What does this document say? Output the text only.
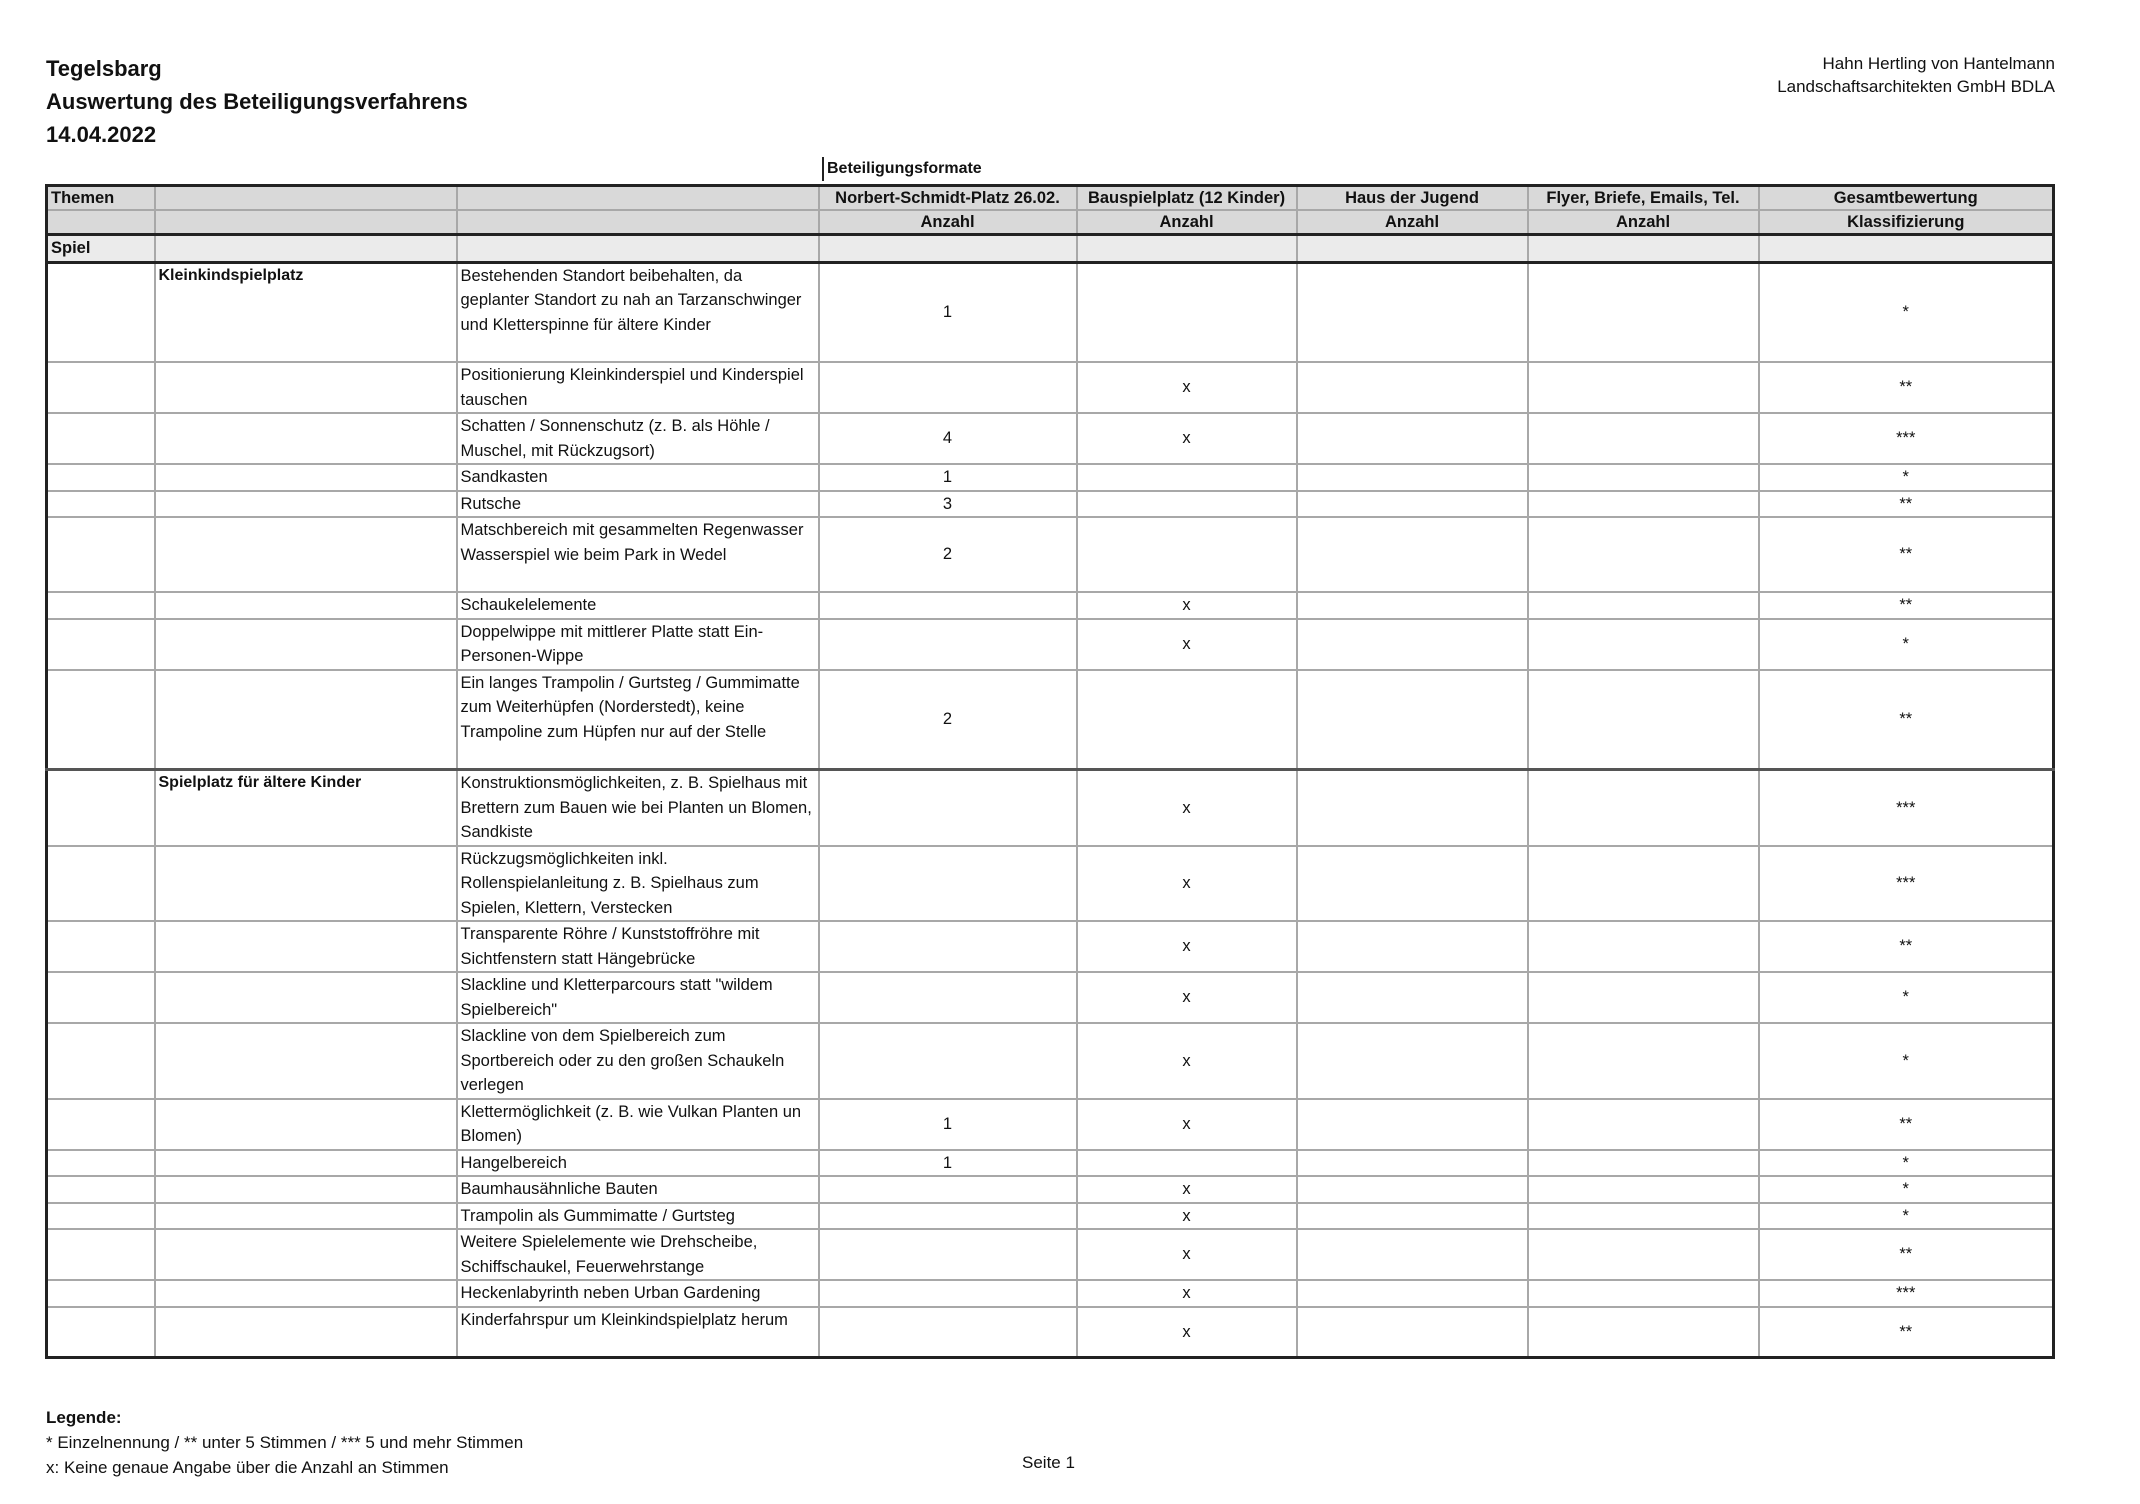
Tegelsbarg
Auswertung des Beteiligungsverfahrens
14.04.2022
Hahn Hertling von Hantelmann
Landschaftsarchitekten GmbH BDLA
Beteiligungsformate
Themen			Norbert-Schmidt-Platz 26.02.	Bauspielplatz (12 Kinder)	Haus der Jugend	Flyer, Briefe, Emails, Tel.	Gesamtbewertung
			Anzahl	Anzahl	Anzahl	Anzahl	Klassifizierung
Spiel							
	Kleinkindspielplatz	Bestehenden Standort beibehalten, da geplanter Standort zu nah an Tarzanschwinger und Kletterspinne für ältere Kinder	1				*
		Positionierung Kleinkinderspiel und Kinderspiel tauschen		x			**
		Schatten / Sonnenschutz (z. B. als Höhle / Muschel, mit Rückzugsort)	4	x			***
		Sandkasten	1				*
		Rutsche	3				**
		Matschbereich mit gesammelten Regenwasser
Wasserspiel wie beim Park in Wedel	2				**
		Schaukelelemente		x			**
		Doppelwippe mit mittlerer Platte statt Ein-Personen-Wippe		x			*
		Ein langes Trampolin / Gurtsteg / Gummimatte zum Weiterhüpfen (Norderstedt), keine Trampoline zum Hüpfen nur auf der Stelle	2				**
	Spielplatz für ältere Kinder	Konstruktionsmöglichkeiten, z. B. Spielhaus mit Brettern zum Bauen wie bei Planten un Blomen, Sandkiste		x			***
		Rückzugsmöglichkeiten inkl. Rollenspielanleitung z. B. Spielhaus zum Spielen, Klettern, Verstecken		x			***
		Transparente Röhre / Kunststoffröhre mit Sichtfenstern statt Hängebrücke		x			**
		Slackline und Kletterparcours statt "wildem Spielbereich"		x			*
		Slackline von dem Spielbereich zum Sportbereich oder zu den großen Schaukeln verlegen		x			*
		Klettermöglichkeit (z. B. wie Vulkan Planten un Blomen)	1	x			**
		Hangelbereich	1				*
		Baumhausähnliche Bauten		x			*
		Trampolin als Gummimatte / Gurtsteg		x			*
		Weitere Spielelemente wie Drehscheibe, Schiffschaukel, Feuerwehrstange		x			**
		Heckenlabyrinth neben Urban Gardening		x			***
		Kinderfahrspur um Kleinkindspielplatz herum		x			**
Legende:
* Einzelnennung / ** unter 5 Stimmen / *** 5 und mehr Stimmen
x: Keine genaue Angabe über die Anzahl an Stimmen	Seite 1
